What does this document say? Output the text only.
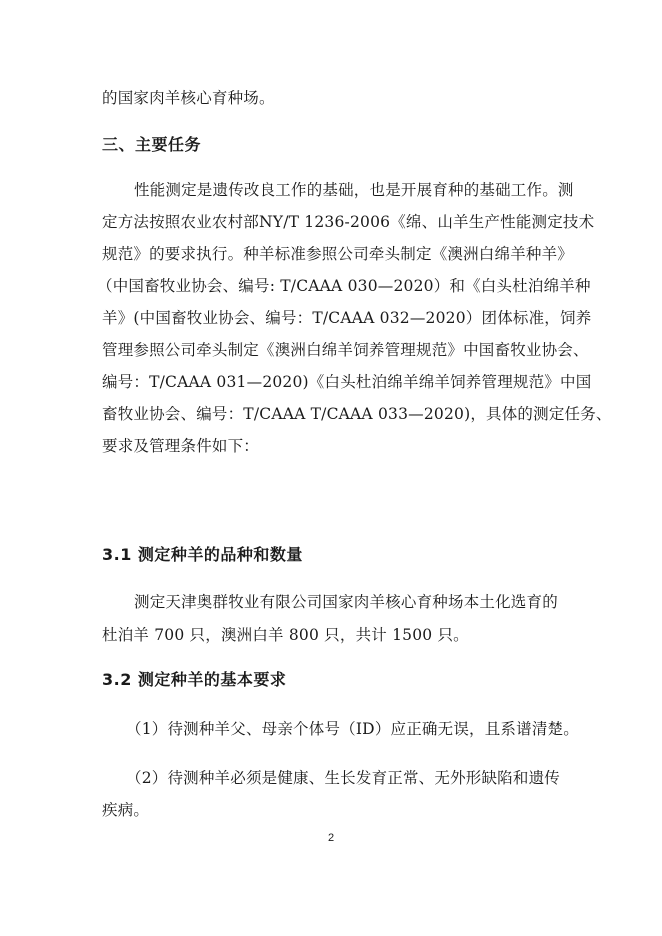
的国家肉羊核心育种场。
三、主要任务
性能测定是遗传改良工作的基础，也是开展育种的基础工作。测
定方法按照农业农村部NY/T 1236-2006《绵、山羊生产性能测定技术
规范》的要求执行。种羊标准参照公司牵头制定《澳洲白绵羊种羊》
（中国畜牧业协会、编号: T/CAAA 030—2020）和《白头杜泊绵羊种
羊》(中国畜牧业协会、编号：T/CAAA 032—2020）团体标准，饲养
管理参照公司牵头制定《澳洲白绵羊饲养管理规范》中国畜牧业协会、
编号：T/CAAA 031—2020)《白头杜泊绵羊绵羊饲养管理规范》中国
畜牧业协会、编号：T/CAAA T/CAAA 033—2020)，具体的测定任务、
要求及管理条件如下：
3.1 测定种羊的品种和数量
测定天津奥群牧业有限公司国家肉羊核心育种场本土化选育的
杜泊羊 700 只，澳洲白羊 800 只，共计 1500 只。
3.2 测定种羊的基本要求
（1）待测种羊父、母亲个体号（ID）应正确无误，且系谱清楚。
（2）待测种羊必须是健康、生长发育正常、无外形缺陷和遗传
疾病。
2
